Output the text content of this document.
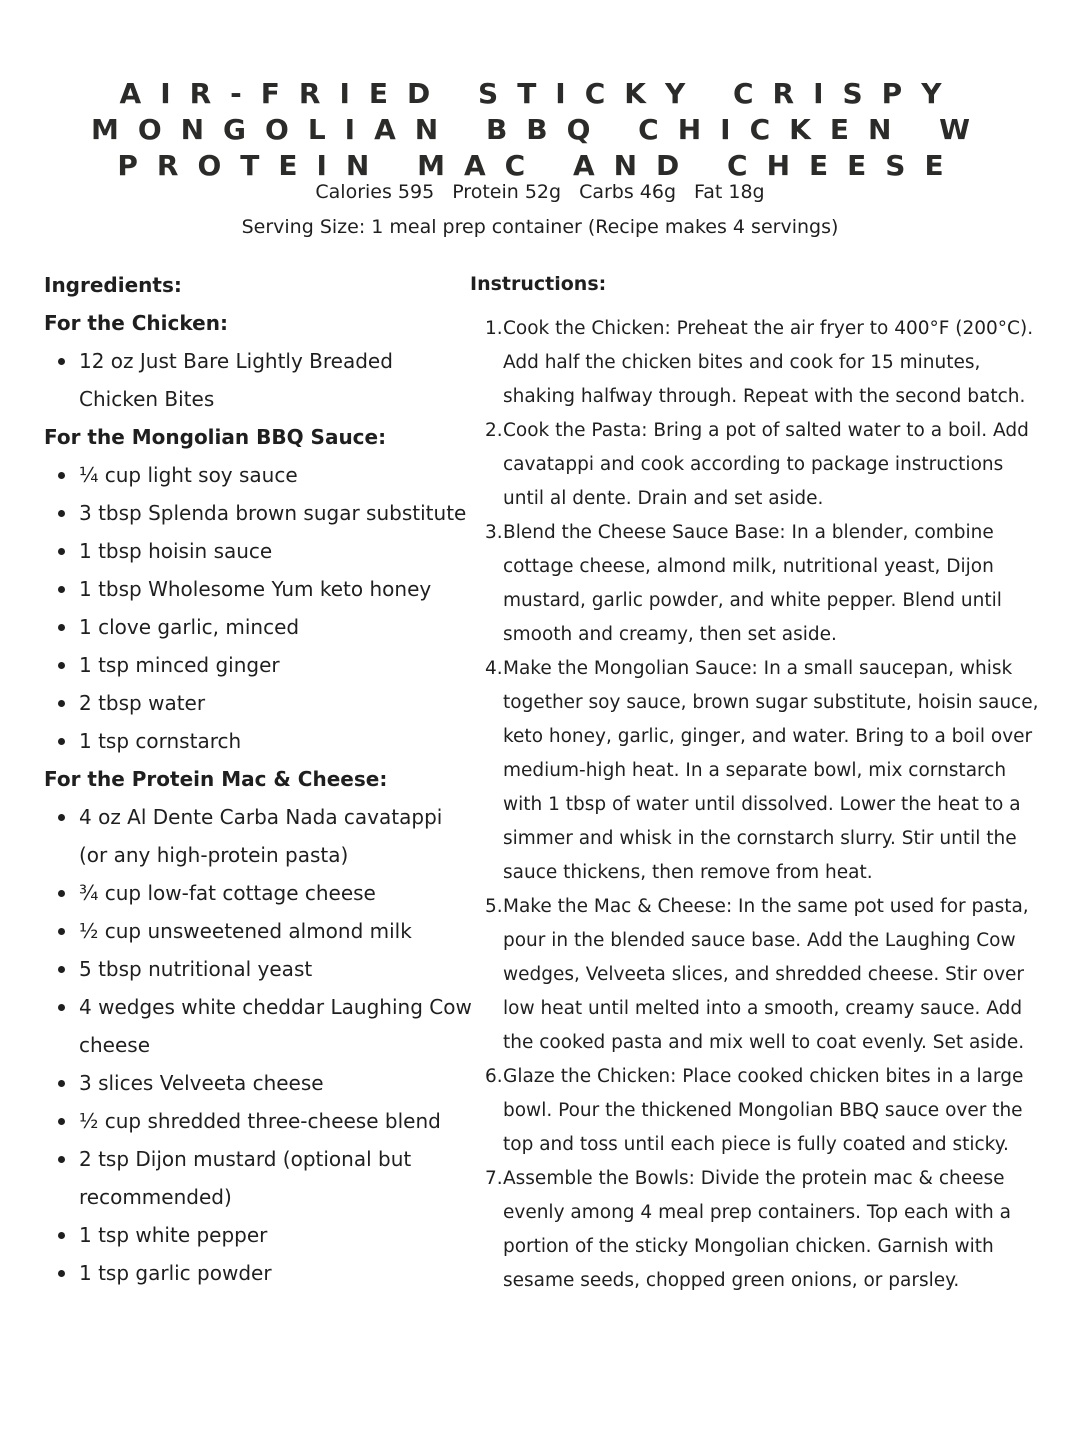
AIR-FRIED STICKY CRISPY
MONGOLIAN BBQ CHICKEN W
PROTEIN MAC AND CHEESE
Calories 595 Protein 52g Carbs 46g Fat 18g
Serving Size: 1 meal prep container (Recipe makes 4 servings)
Ingredients:
For the Chicken:
12 oz Just Bare Lightly Breaded Chicken Bites
For the Mongolian BBQ Sauce:
¼ cup light soy sauce
3 tbsp Splenda brown sugar substitute
1 tbsp hoisin sauce
1 tbsp Wholesome Yum keto honey
1 clove garlic, minced
1 tsp minced ginger
2 tbsp water
1 tsp cornstarch
For the Protein Mac & Cheese:
4 oz Al Dente Carba Nada cavatappi (or any high-protein pasta)
¾ cup low-fat cottage cheese
½ cup unsweetened almond milk
5 tbsp nutritional yeast
4 wedges white cheddar Laughing Cow cheese
3 slices Velveeta cheese
½ cup shredded three-cheese blend
2 tsp Dijon mustard (optional but recommended)
1 tsp white pepper
1 tsp garlic powder
Instructions:
1. Cook the Chicken: Preheat the air fryer to 400°F (200°C). Add half the chicken bites and cook for 15 minutes, shaking halfway through. Repeat with the second batch.
2. Cook the Pasta: Bring a pot of salted water to a boil. Add cavatappi and cook according to package instructions until al dente. Drain and set aside.
3. Blend the Cheese Sauce Base: In a blender, combine cottage cheese, almond milk, nutritional yeast, Dijon mustard, garlic powder, and white pepper. Blend until smooth and creamy, then set aside.
4. Make the Mongolian Sauce: In a small saucepan, whisk together soy sauce, brown sugar substitute, hoisin sauce, keto honey, garlic, ginger, and water. Bring to a boil over medium-high heat. In a separate bowl, mix cornstarch with 1 tbsp of water until dissolved. Lower the heat to a simmer and whisk in the cornstarch slurry. Stir until the sauce thickens, then remove from heat.
5. Make the Mac & Cheese: In the same pot used for pasta, pour in the blended sauce base. Add the Laughing Cow wedges, Velveeta slices, and shredded cheese. Stir over low heat until melted into a smooth, creamy sauce. Add the cooked pasta and mix well to coat evenly. Set aside.
6. Glaze the Chicken: Place cooked chicken bites in a large bowl. Pour the thickened Mongolian BBQ sauce over the top and toss until each piece is fully coated and sticky.
7. Assemble the Bowls: Divide the protein mac & cheese evenly among 4 meal prep containers. Top each with a portion of the sticky Mongolian chicken. Garnish with sesame seeds, chopped green onions, or parsley.
